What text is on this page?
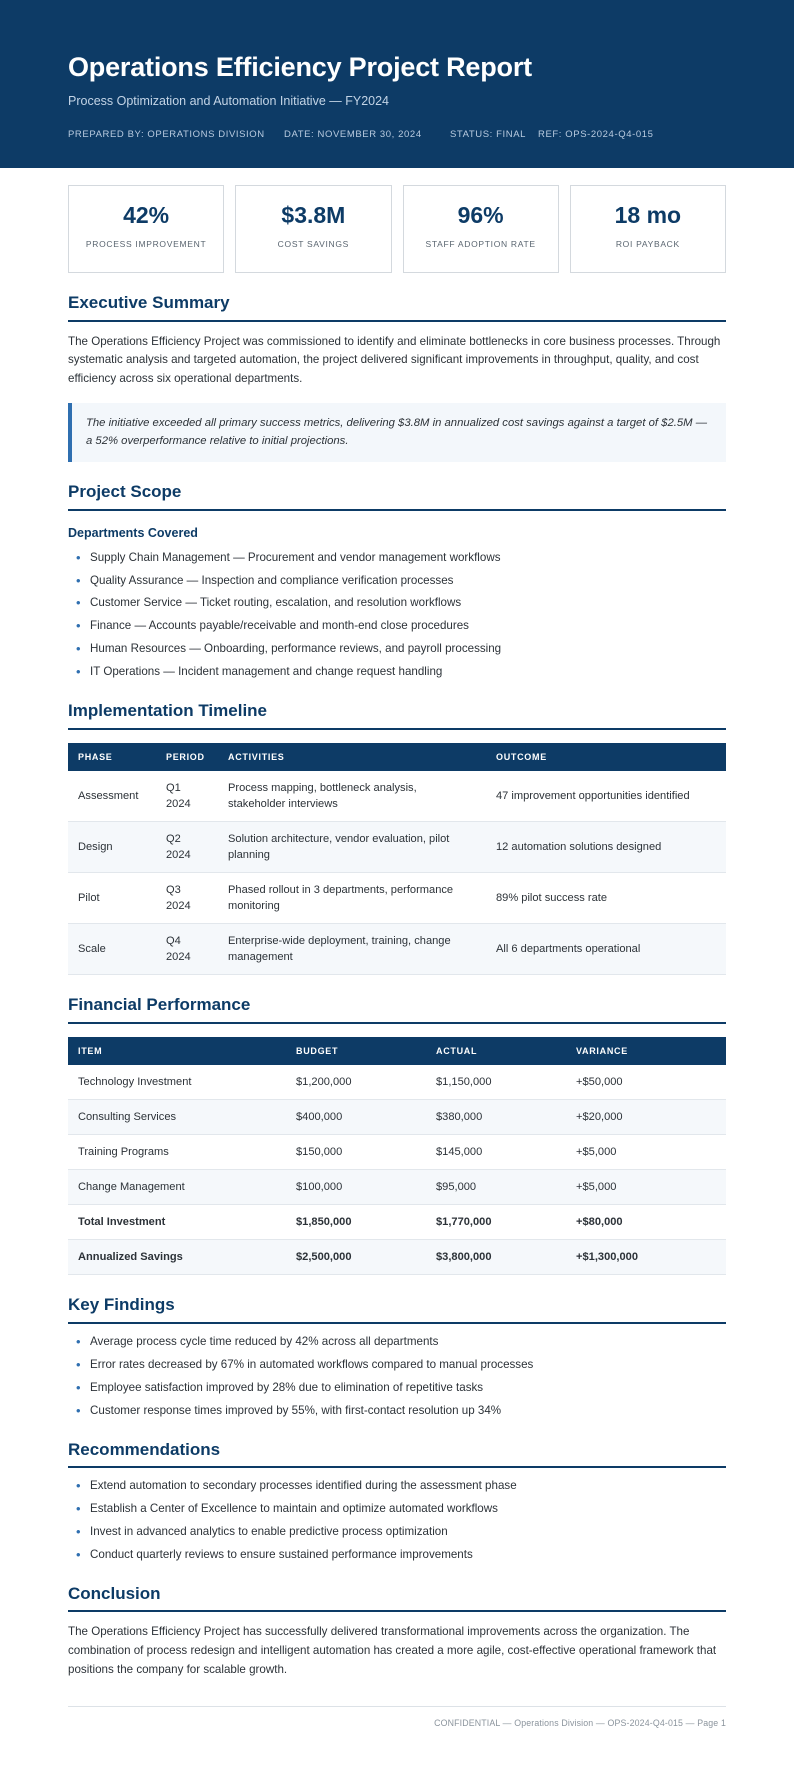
Operations Efficiency Project Report
Process Optimization and Automation Initiative — FY2024
PREPARED BY: OPERATIONS DIVISION	DATE: NOVEMBER 30, 2024	STATUS: FINAL	REF: OPS-2024-Q4-015
42%
PROCESS IMPROVEMENT
$3.8M
COST SAVINGS
96%
STAFF ADOPTION RATE
18 mo
ROI PAYBACK
Executive Summary

The Operations Efficiency Project was commissioned to identify and eliminate bottlenecks in core business processes. Through systematic analysis and targeted automation, the project delivered significant improvements in throughput, quality, and cost efficiency across six operational departments.

The initiative exceeded all primary success metrics, delivering $3.8M in annualized cost savings against a target of $2.5M — a 52% overperformance relative to initial projections.
Project Scope
Departments Covered
• Supply Chain Management — Procurement and vendor management workflows
• Quality Assurance — Inspection and compliance verification processes
• Customer Service — Ticket routing, escalation, and resolution workflows
• Finance — Accounts payable/receivable and month-end close procedures
• Human Resources — Onboarding, performance reviews, and payroll processing
• IT Operations — Incident management and change request handling
Implementation Timeline
PHASE	PERIOD	ACTIVITIES	OUTCOME
Assessment	Q1 2024	Process mapping, bottleneck analysis, stakeholder interviews	47 improvement opportunities identified
Design	Q2 2024	Solution architecture, vendor evaluation, pilot planning	12 automation solutions designed
Pilot	Q3 2024	Phased rollout in 3 departments, performance monitoring	89% pilot success rate
Scale	Q4 2024	Enterprise-wide deployment, training, change management	All 6 departments operational
Financial Performance
ITEM	BUDGET	ACTUAL	VARIANCE
Technology Investment	$1,200,000	$1,150,000	+$50,000
Consulting Services	$400,000	$380,000	+$20,000
Training Programs	$150,000	$145,000	+$5,000
Change Management	$100,000	$95,000	+$5,000
Total Investment	$1,850,000	$1,770,000	+$80,000
Annualized Savings	$2,500,000	$3,800,000	+$1,300,000
Key Findings
• Average process cycle time reduced by 42% across all departments
• Error rates decreased by 67% in automated workflows compared to manual processes
• Employee satisfaction improved by 28% due to elimination of repetitive tasks
• Customer response times improved by 55%, with first-contact resolution up 34%
Recommendations
• Extend automation to secondary processes identified during the assessment phase
• Establish a Center of Excellence to maintain and optimize automated workflows
• Invest in advanced analytics to enable predictive process optimization
• Conduct quarterly reviews to ensure sustained performance improvements
Conclusion

The Operations Efficiency Project has successfully delivered transformational improvements across the organization. The combination of process redesign and intelligent automation has created a more agile, cost-effective operational framework that positions the company for scalable growth.

CONFIDENTIAL — Operations Division — OPS-2024-Q4-015 — Page 1
